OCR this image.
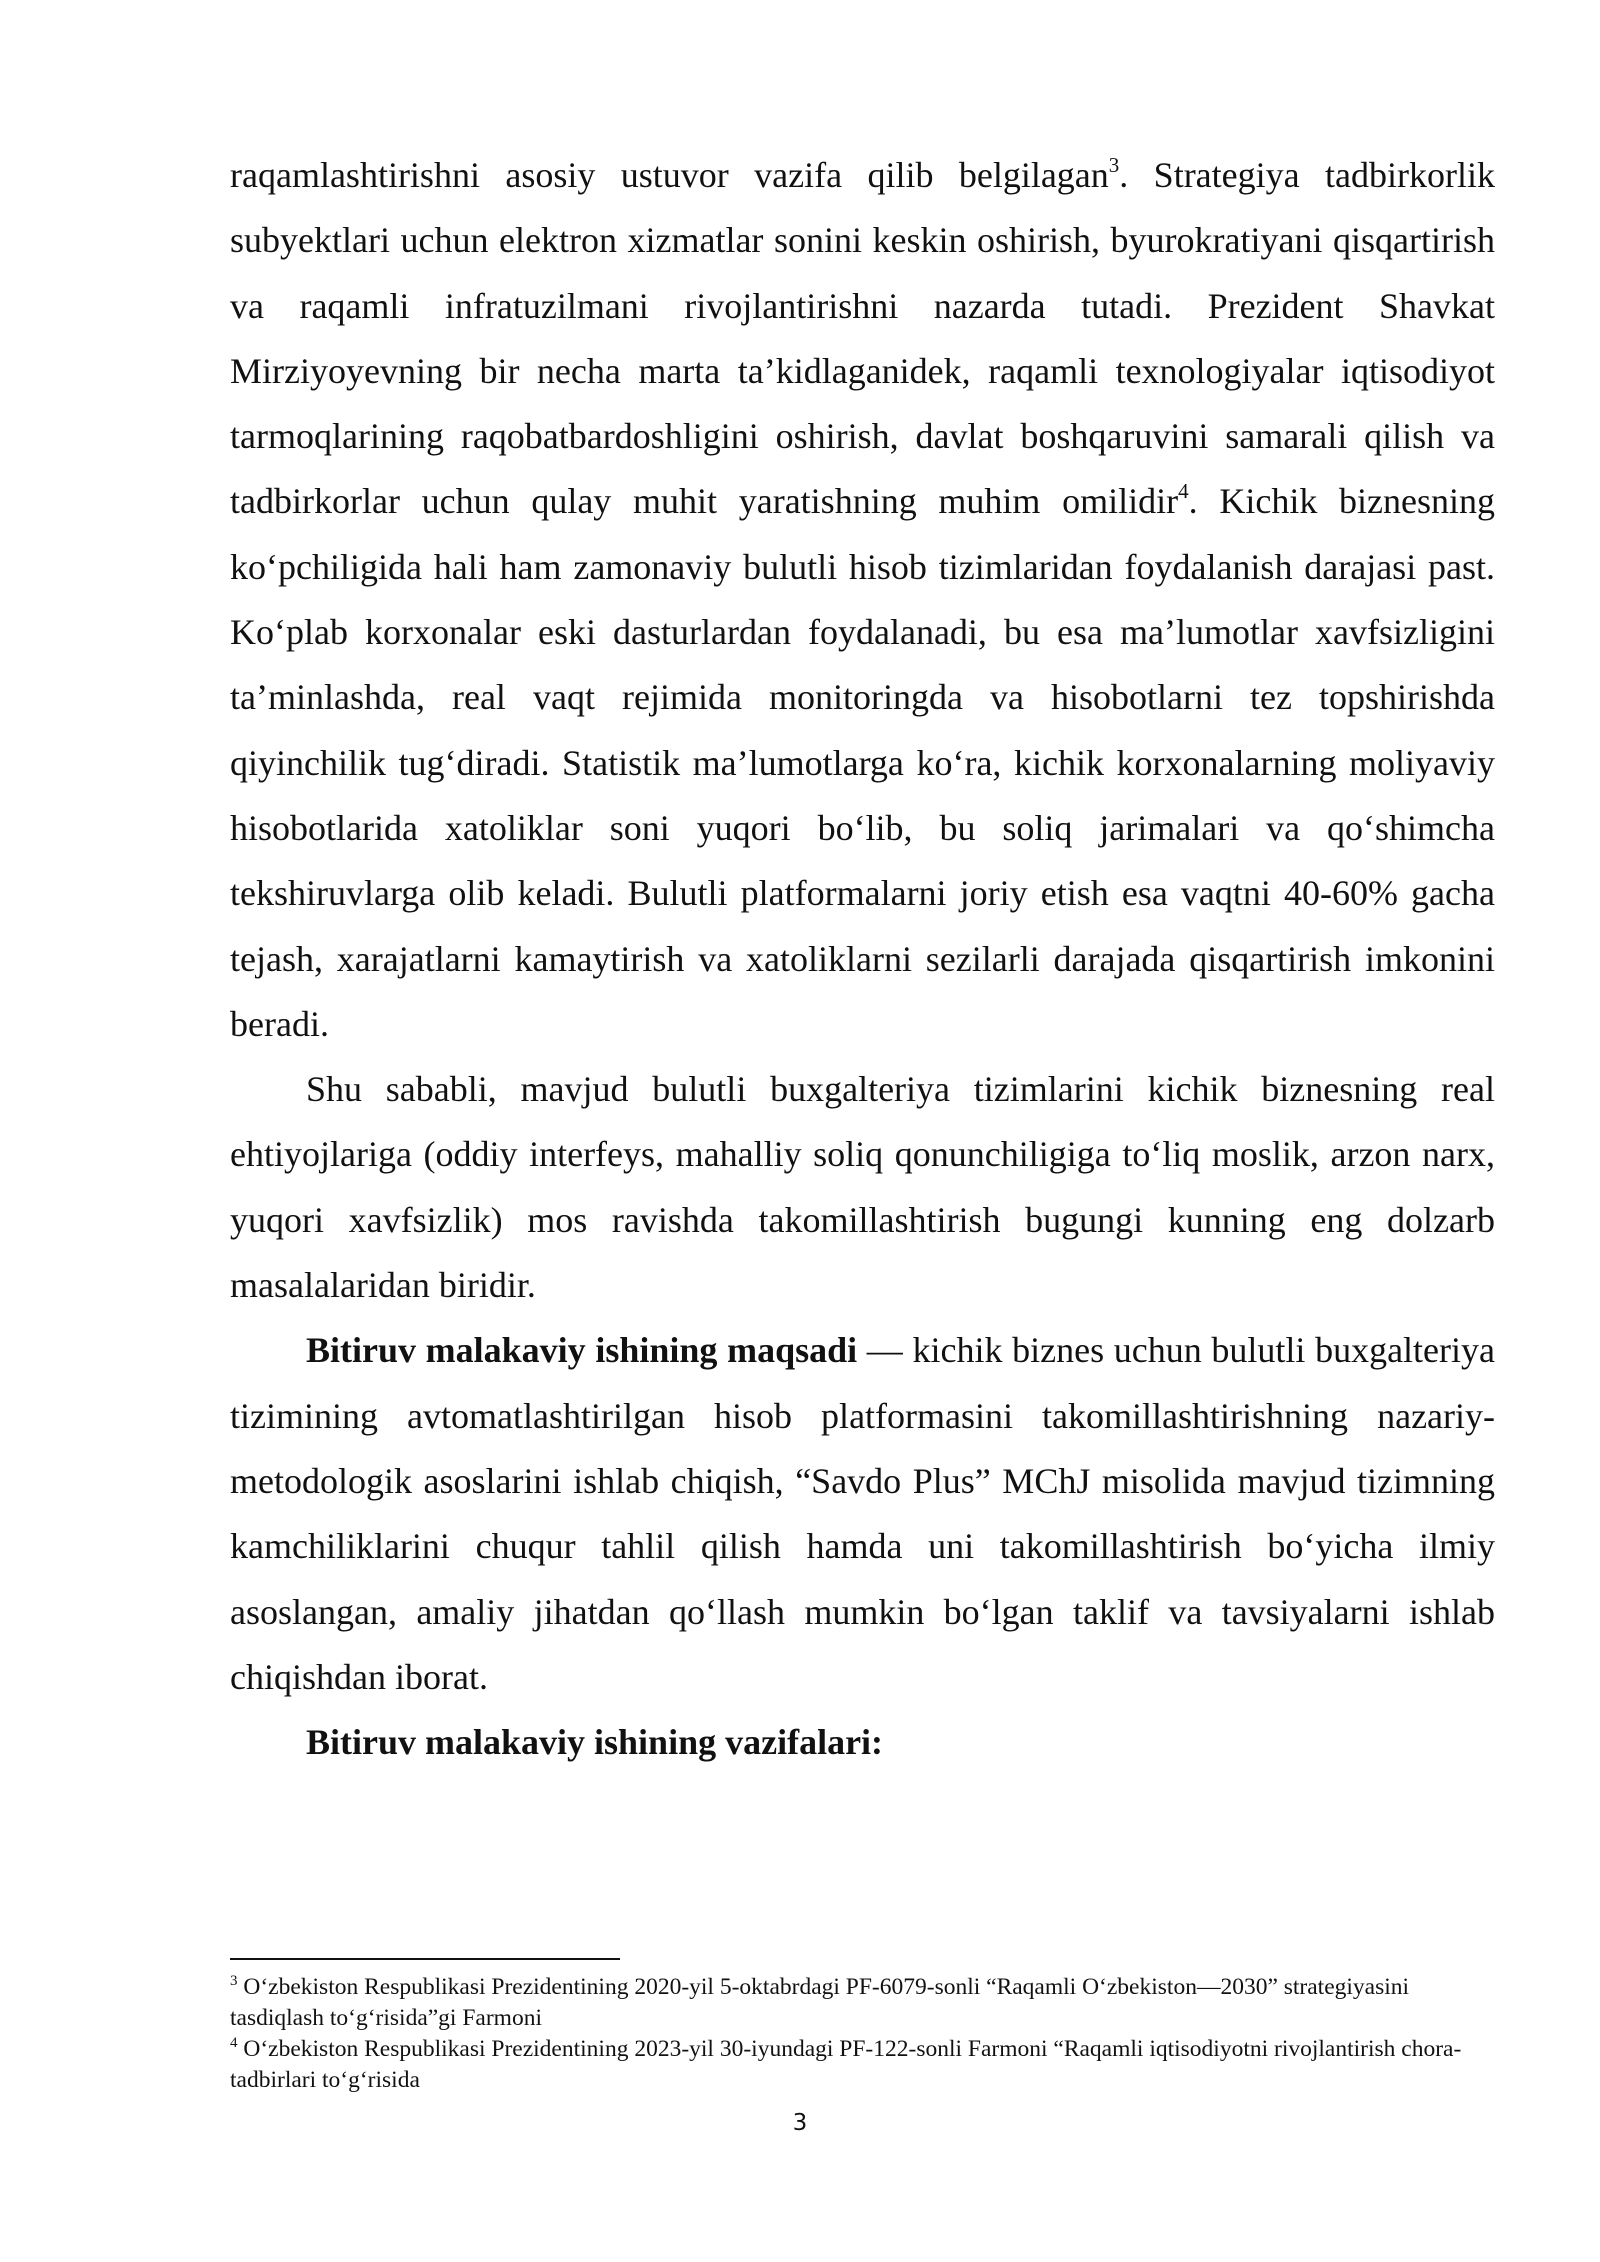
raqamlashtirishni asosiy ustuvor vazifa qilib belgilagan$^3$. Strategiya tadbirkorlik subyektlari uchun elektron xizmatlar sonini keskin oshirish, byurokratiyani qisqartirish va raqamli infratuzilmani rivojlantirishni nazarda tutadi. Prezident Shavkat Mirziyoyevning bir necha marta ta’kidlaganidek, raqamli texnologiyalar iqtisodiyot tarmoqlarining raqobatbardoshligini oshirish, davlat boshqaruvini samarali qilish va tadbirkorlar uchun qulay muhit yaratishning muhim omilidir$^4$. Kichik biznesning ko‘pchiligida hali ham zamonaviy bulutli hisob tizimlaridan foydalanish darajasi past. Ko‘plab korxonalar eski dasturlardan foydalanadi, bu esa ma’lumotlar xavfsizligini ta’minlashda, real vaqt rejimida monitoringda va hisobotlarni tez topshirishda qiyinchilik tug‘diradi. Statistik ma’lumotlarga ko‘ra, kichik korxonalarning moliyaviy hisobotlarida xatoliklar soni yuqori bo‘lib, bu soliq jarimalari va qo‘shimcha tekshiruvlarga olib keladi. Bulutli platformalarni joriy etish esa vaqtni 40-60% gacha tejash, xarajatlarni kamaytirish va xatoliklarni sezilarli darajada qisqartirish imkonini beradi.

Shu sababli, mavjud bulutli buxgalteriya tizimlarini kichik biznesning real ehtiyojlariga (oddiy interfeys, mahalliy soliq qonunchiligiga to‘liq moslik, arzon narx, yuqori xavfsizlik) mos ravishda takomillashtirish bugungi kunning eng dolzarb masalalaridan biridir.

Bitiruv malakaviy ishining maqsadi — kichik biznes uchun bulutli buxgalteriya tizimining avtomatlashtirilgan hisob platformasini takomillashtirishning nazariy-metodologik asoslarini ishlab chiqish, “Savdo Plus” MChJ misolida mavjud tizimning kamchiliklarini chuqur tahlil qilish hamda uni takomillashtirish bo‘yicha ilmiy asoslangan, amaliy jihatdan qo‘llash mumkin bo‘lgan taklif va tavsiyalarni ishlab chiqishdan iborat.

Bitiruv malakaviy ishining vazifalari:

$^3$ O‘zbekiston Respublikasi Prezidentining 2020-yil 5-oktabrdagi PF-6079-sonli “Raqamli O‘zbekiston—2030” strategiyasini tasdiqlash to‘g‘risida”gi Farmoni

$^4$ O‘zbekiston Respublikasi Prezidentining 2023-yil 30-iyundagi PF-122-sonli Farmoni “Raqamli iqtisodiyotni rivojlantirish chora-tadbirlari to‘g‘risida

3
